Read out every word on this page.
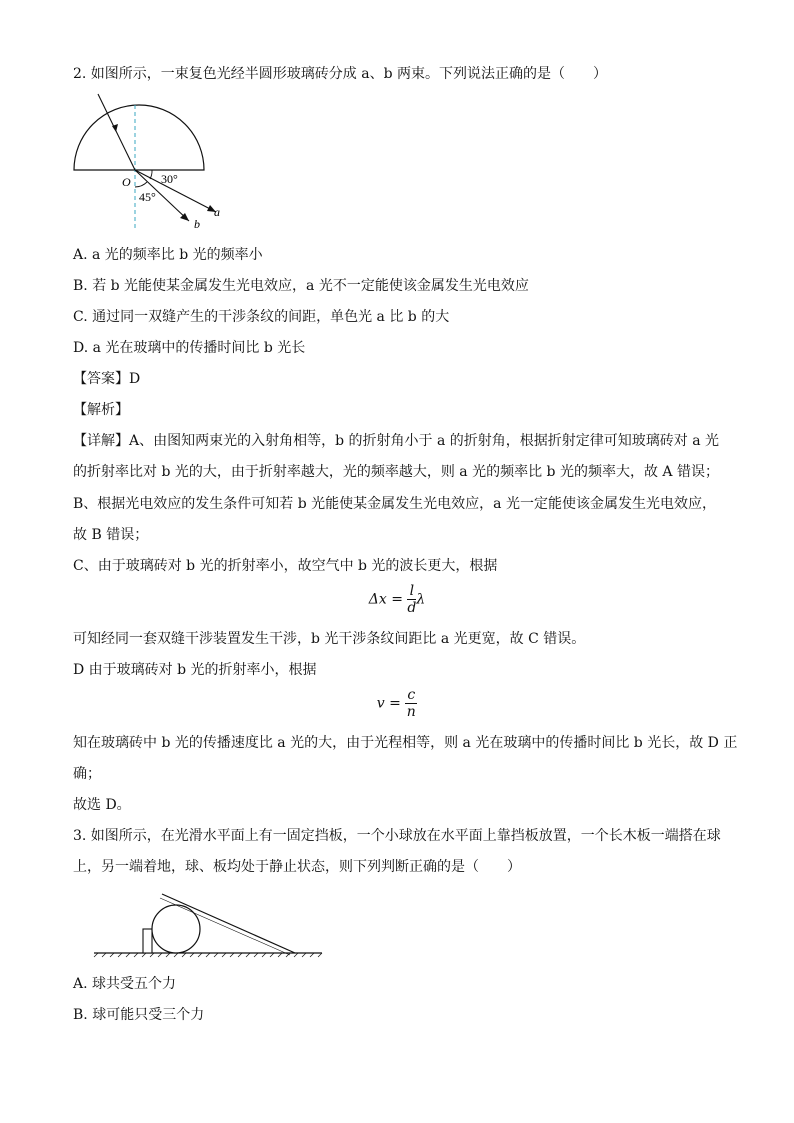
2. 如图所示，一束复色光经半圆形玻璃砖分成 a、b 两束。下列说法正确的是（　　）
O	30°
45°
a
b
A. a 光的频率比 b 光的频率小
B. 若 b 光能使某金属发生光电效应，a 光不一定能使该金属发生光电效应
C. 通过同一双缝产生的干涉条纹的间距，单色光 a 比 b 的大
D. a 光在玻璃中的传播时间比 b 光长
【答案】D
【解析】
【详解】A、由图知两束光的入射角相等，b 的折射角小于 a 的折射角，根据折射定律可知玻璃砖对 a 光
的折射率比对 b 光的大，由于折射率越大，光的频率越大，则 a 光的频率比 b 光的频率大，故 A 错误；
B、根据光电效应的发生条件可知若 b 光能使某金属发生光电效应，a 光一定能使该金属发生光电效应，
故 B 错误；
C、由于玻璃砖对 b 光的折射率小，故空气中 b 光的波长更大，根据
$\Delta x = \frac{l}{d}$ λ
可知经同一套双缝干涉装置发生干涉，b 光干涉条纹间距比 a 光更宽，故 C 错误。
D 由于玻璃砖对 b 光的折射率小，根据
$v = \frac{c}{n}$
知在玻璃砖中 b 光的传播速度比 a 光的大，由于光程相等，则 a 光在玻璃中的传播时间比 b 光长，故 D 正
确；
故选 D。
3. 如图所示，在光滑水平面上有一固定挡板，一个小球放在水平面上靠挡板放置，一个长木板一端搭在球
上，另一端着地，球、板均处于静止状态，则下列判断正确的是（　　）
A. 球共受五个力
B. 球可能只受三个力
